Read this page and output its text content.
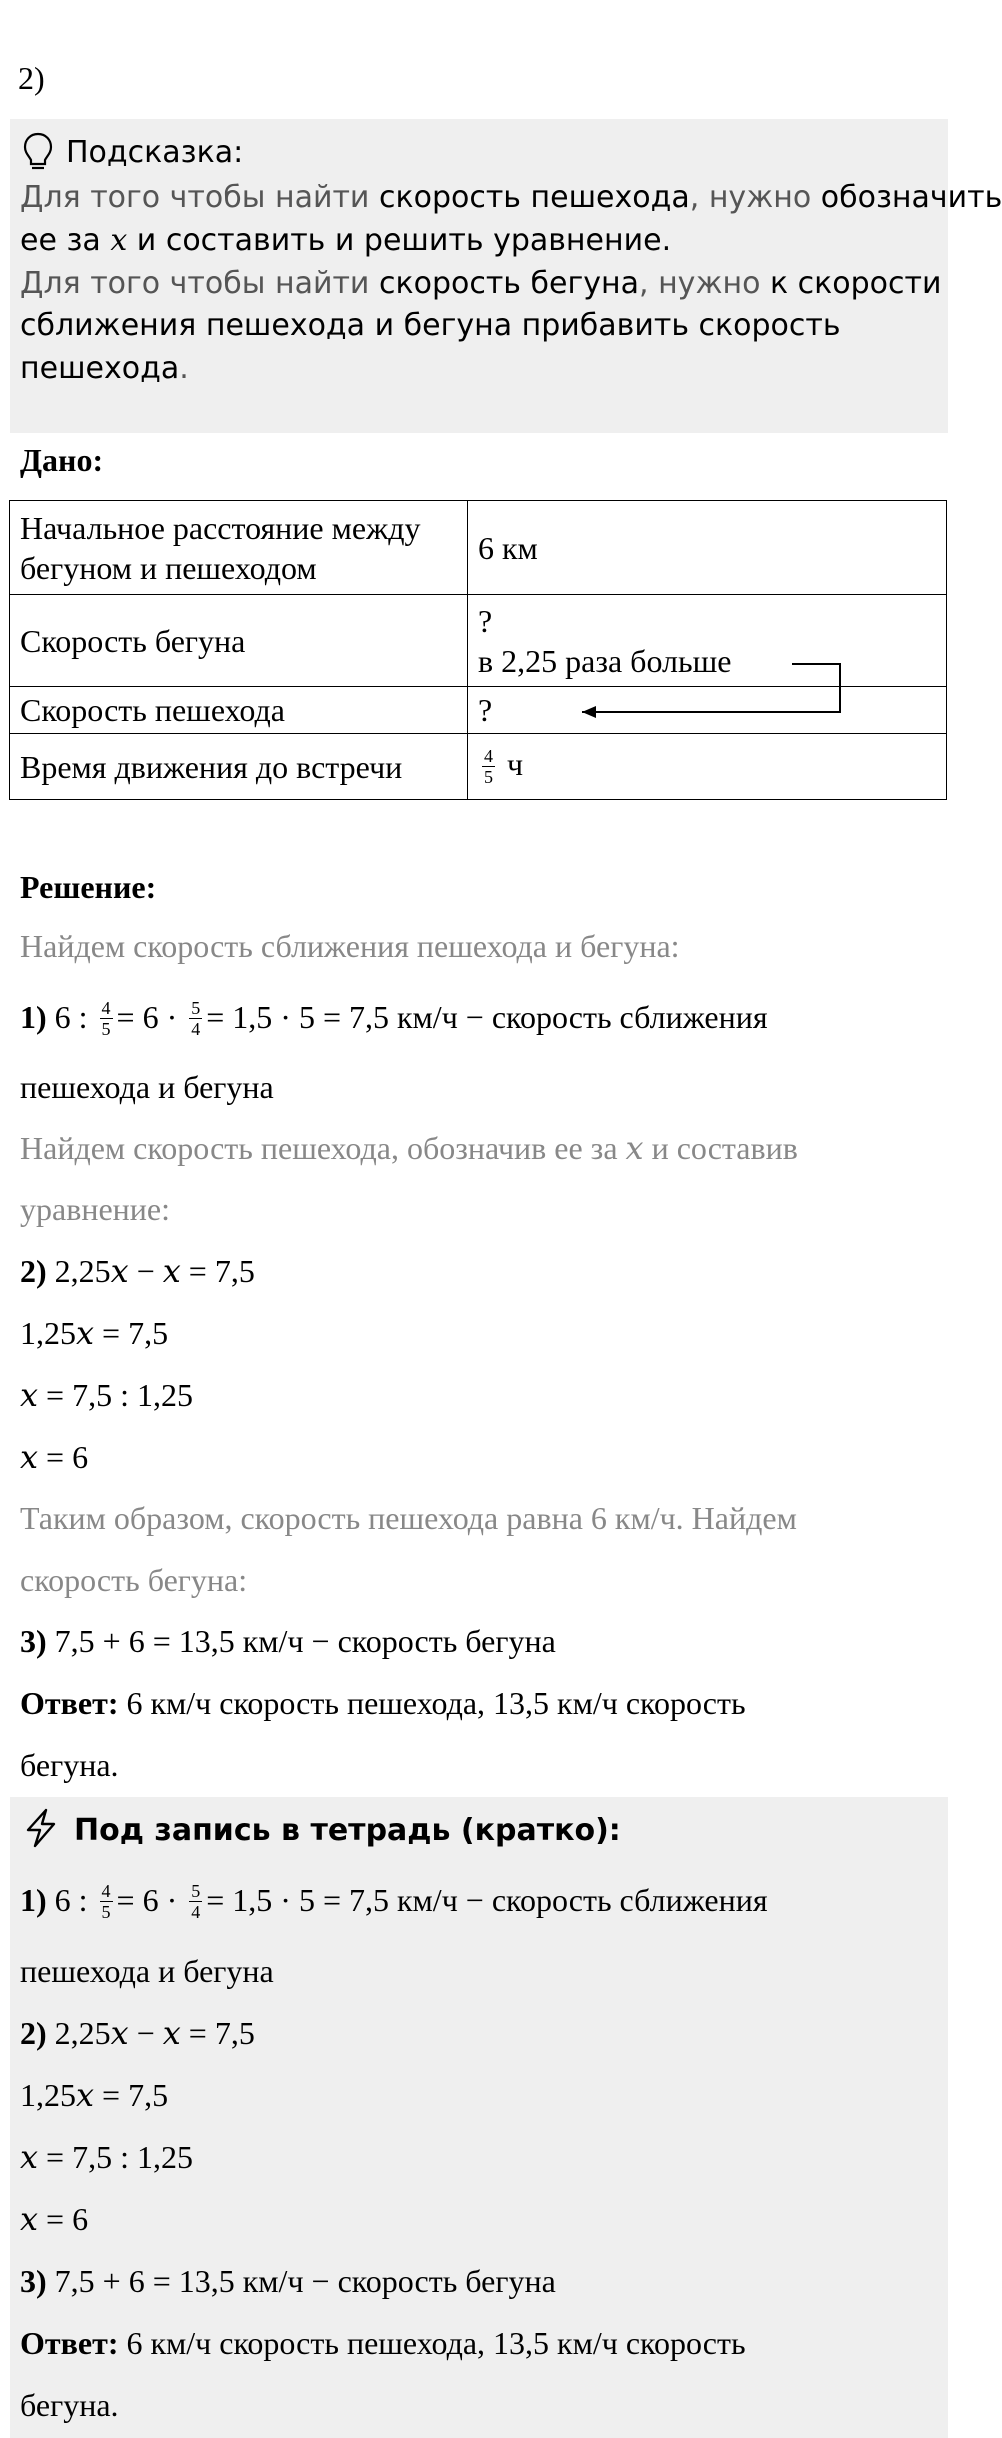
2)
Подсказка:
Для того чтобы найти скорость пешехода, нужно обозначить
ее за 𝑥 и составить и решить уравнение.
Для того чтобы найти скорость бегуна, нужно к скорости
сближения пешехода и бегуна прибавить скорость
пешехода.
Дано:
Начальное расстояние между
бегуном и пешеходом	6 км
Скорость бегуна	?
в 2,25 раза больше
Скорость пешехода	?
Время движения до встречи	$\frac{4}{5}$ ч
Решение:
Найдем скорость сближения пешехода и бегуна:
1) 6 : $\frac{4}{5} = 6 \cdot \frac{5}{4} = 1,5 \cdot 5 = 7,5$ км/ч − скорость сближения
пешехода и бегуна
Найдем скорость пешехода, обозначив ее за 𝑥 и составив
уравнение:
2) 2,25𝑥 − 𝑥 = 7,5
1,25𝑥 = 7,5
𝑥 = 7,5 : 1,25
𝑥 = 6
Таким образом, скорость пешехода равна 6 км/ч. Найдем
скорость бегуна:
3) 7,5 + 6 = 13,5 км/ч − скорость бегуна
Ответ: 6 км/ч скорость пешехода, 13,5 км/ч скорость
бегуна.
Под запись в тетрадь (кратко):
1) 6 : $\frac{4}{5} = 6 \cdot \frac{5}{4} = 1,5 \cdot 5 = 7,5$ км/ч − скорость сближения
пешехода и бегуна
2) 2,25𝑥 − 𝑥 = 7,5
1,25𝑥 = 7,5
𝑥 = 7,5 : 1,25
𝑥 = 6
3) 7,5 + 6 = 13,5 км/ч − скорость бегуна
Ответ: 6 км/ч скорость пешехода, 13,5 км/ч скорость
бегуна.
